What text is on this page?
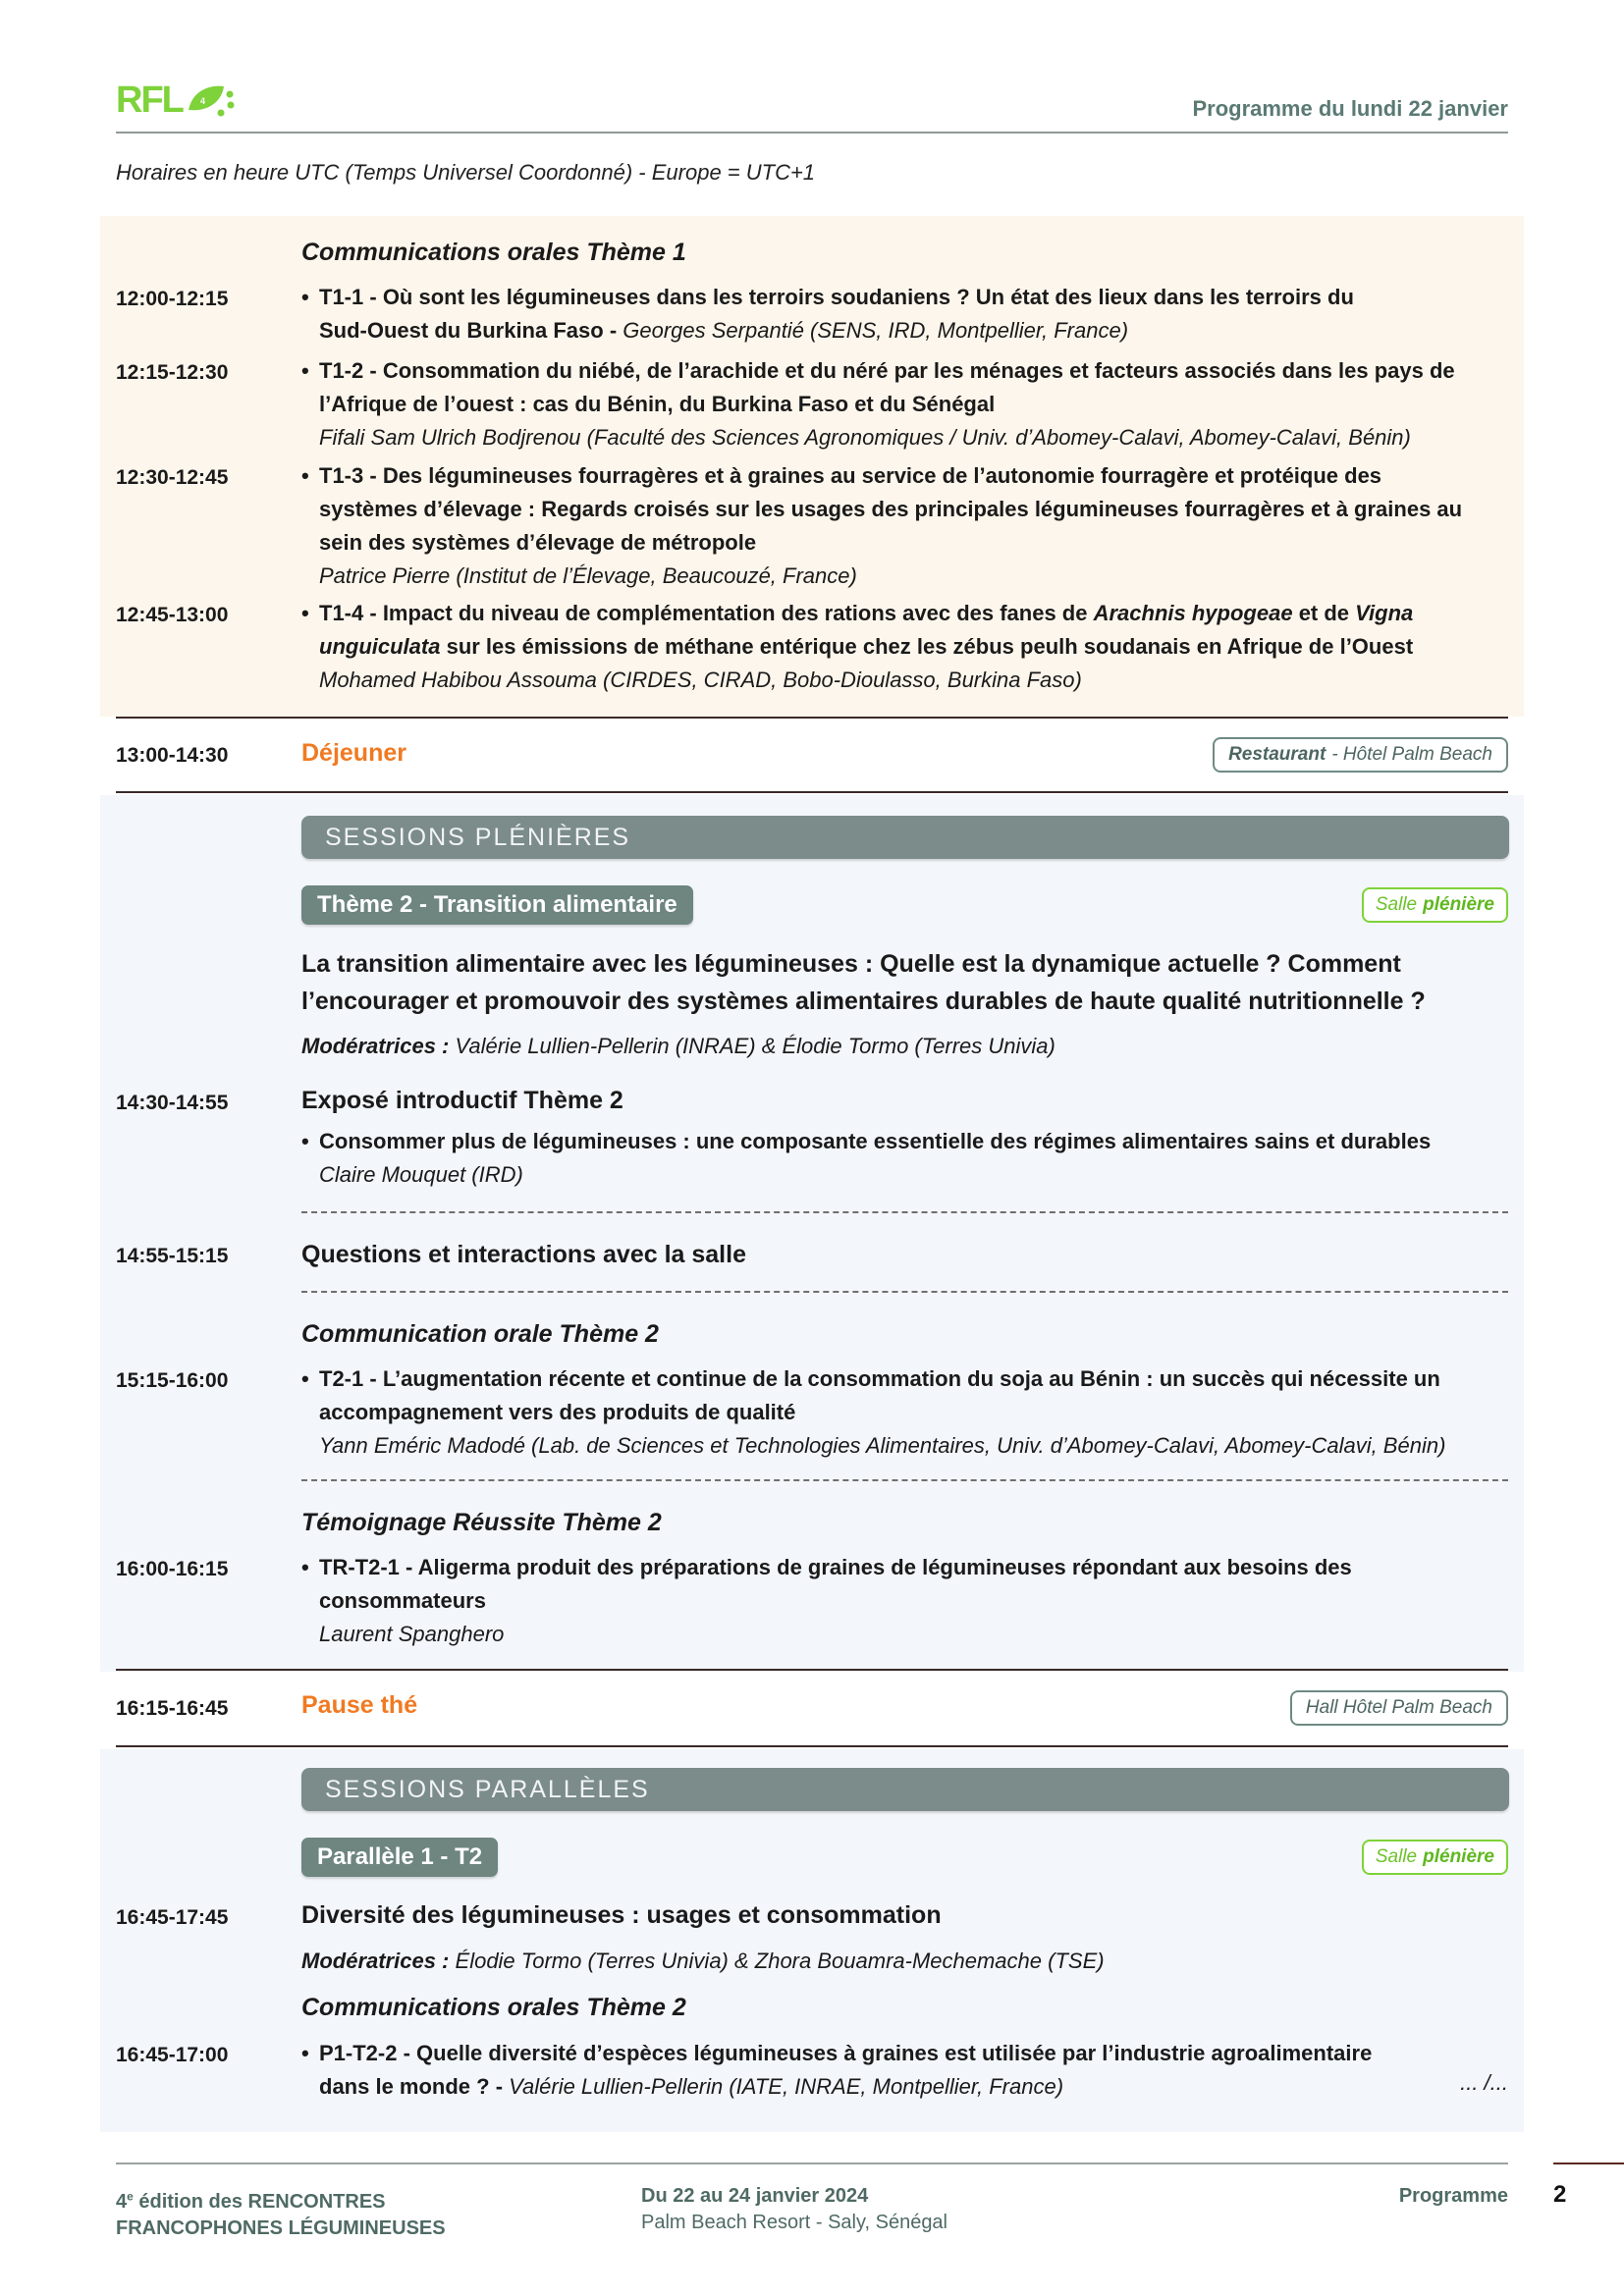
RFL 4	Programme du lundi 22 janvier
Horaires en heure UTC (Temps Universel Coordonné) - Europe = UTC+1
Communications orales Thème 1
12:00-12:15	• T1-1 - Où sont les légumineuses dans les terroirs soudaniens ? Un état des lieux dans les terroirs du
Sud-Ouest du Burkina Faso - Georges Serpantié (SENS, IRD, Montpellier, France)
12:15-12:30	• T1-2 - Consommation du niébé, de l’arachide et du néré par les ménages et facteurs associés dans les pays de
l’Afrique de l’ouest : cas du Bénin, du Burkina Faso et du Sénégal
Fifali Sam Ulrich Bodjrenou (Faculté des Sciences Agronomiques / Univ. d’Abomey-Calavi, Abomey-Calavi, Bénin)
12:30-12:45	• T1-3 - Des légumineuses fourragères et à graines au service de l’autonomie fourragère et protéique des
systèmes d’élevage : Regards croisés sur les usages des principales légumineuses fourragères et à graines au
sein des systèmes d’élevage de métropole
Patrice Pierre (Institut de l’Élevage, Beaucouzé, France)
12:45-13:00	• T1-4 - Impact du niveau de complémentation des rations avec des fanes de Arachnis hypogeae et de Vigna
unguiculata sur les émissions de méthane entérique chez les zébus peulh soudanais en Afrique de l’Ouest
Mohamed Habibou Assouma (CIRDES, CIRAD, Bobo-Dioulasso, Burkina Faso)
13:00-14:30	Déjeuner	Restaurant - Hôtel Palm Beach
SESSIONS PLÉNIÈRES
Thème 2 - Transition alimentaire	Salle plénière
La transition alimentaire avec les légumineuses : Quelle est la dynamique actuelle ? Comment
l’encourager et promouvoir des systèmes alimentaires durables de haute qualité nutritionnelle ?
Modératrices : Valérie Lullien-Pellerin (INRAE) & Élodie Tormo (Terres Univia)
14:30-14:55	Exposé introductif Thème 2
• Consommer plus de légumineuses : une composante essentielle des régimes alimentaires sains et durables
Claire Mouquet (IRD)
14:55-15:15	Questions et interactions avec la salle
Communication orale Thème 2
15:15-16:00	• T2-1 - L’augmentation récente et continue de la consommation du soja au Bénin : un succès qui nécessite un
accompagnement vers des produits de qualité
Yann Eméric Madodé (Lab. de Sciences et Technologies Alimentaires, Univ. d’Abomey-Calavi, Abomey-Calavi, Bénin)
Témoignage Réussite Thème 2
16:00-16:15	• TR-T2-1 - Aligerma produit des préparations de graines de légumineuses répondant aux besoins des
consommateurs
Laurent Spanghero
16:15-16:45	Pause thé	Hall Hôtel Palm Beach
SESSIONS PARALLÈLES
Parallèle 1 - T2	Salle plénière
16:45-17:45	Diversité des légumineuses : usages et consommation
Modératrices : Élodie Tormo (Terres Univia) & Zhora Bouamra-Mechemache (TSE)
Communications orales Thème 2
16:45-17:00	• P1-T2-2 - Quelle diversité d’espèces légumineuses à graines est utilisée par l’industrie agroalimentaire
dans le monde ? - Valérie Lullien-Pellerin (IATE, INRAE, Montpellier, France)	... /...
4e édition des RENCONTRES
FRANCOPHONES LÉGUMINEUSES
Du 22 au 24 janvier 2024
Palm Beach Resort - Saly, Sénégal
Programme 2
